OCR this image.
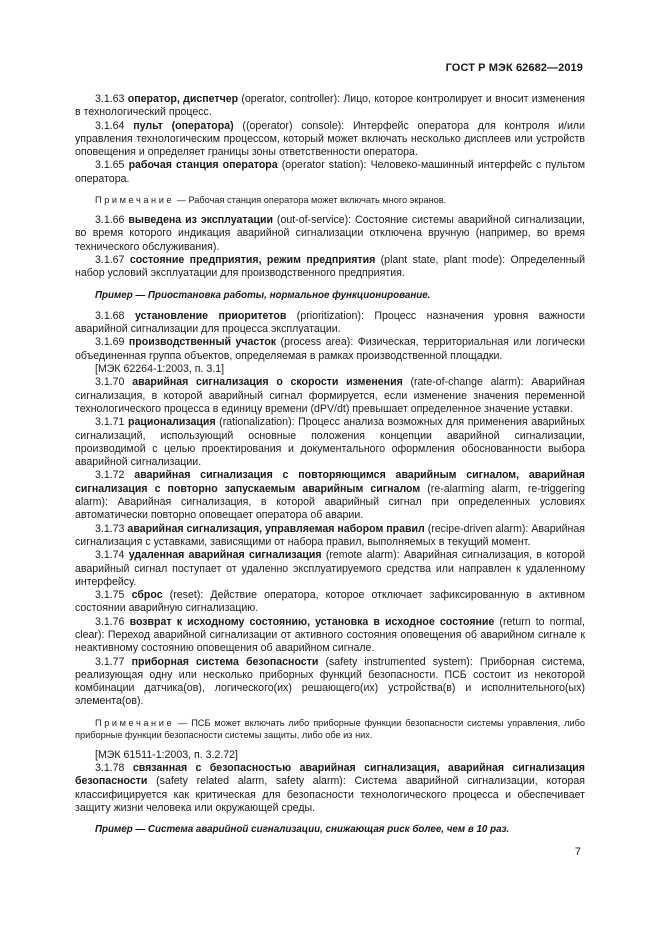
ГОСТ Р МЭК 62682—2019

3.1.63 оператор, диспетчер (operator, controller): Лицо, которое контролирует и вносит изменения в технологический процесс.

3.1.64 пульт (оператора) ((operator) console): Интерфейс оператора для контроля и/или управления технологическим процессом, который может включать несколько дисплеев или устройств оповещения и определяет границы зоны ответственности оператора.

3.1.65 рабочая станция оператора (operator station): Человеко-машинный интерфейс с пультом оператора.

Примечание — Рабочая станция оператора может включать много экранов.

3.1.66 выведена из эксплуатации (out-of-service): Состояние системы аварийной сигнализации, во время которого индикация аварийной сигнализации отключена вручную (например, во время технического обслуживания).

3.1.67 состояние предприятия, режим предприятия (plant state, plant mode): Определенный набор условий эксплуатации для производственного предприятия.

Пример — Приостановка работы, нормальное функционирование.

3.1.68 установление приоритетов (prioritization): Процесс назначения уровня важности аварийной сигнализации для процесса эксплуатации.

3.1.69 производственный участок (process area): Физическая, территориальная или логически объединенная группа объектов, определяемая в рамках производственной площадки.

[МЭК 62264-1:2003, п. 3.1]

3.1.70 аварийная сигнализация о скорости изменения (rate-of-change alarm): Аварийная сигнализация, в которой аварийный сигнал формируется, если изменение значения переменной технологического процесса в единицу времени (dPV/dt) превышает определенное значение уставки.

3.1.71 рационализация (rationalization): Процесс анализа возможных для применения аварийных сигнализаций, использующий основные положения концепции аварийной сигнализации, производимой с целью проектирования и документального оформления обоснованности выбора аварийной сигнализации.

3.1.72 аварийная сигнализация с повторяющимся аварийным сигналом, аварийная сигнализация с повторно запускаемым аварийным сигналом (re-alarming alarm, re-triggering alarm): Аварийная сигнализация, в которой аварийный сигнал при определенных условиях автоматически повторно оповещает оператора об аварии.

3.1.73 аварийная сигнализация, управляемая набором правил (recipe-driven alarm): Аварийная сигнализация с уставками, зависящими от набора правил, выполняемых в текущий момент.

3.1.74 удаленная аварийная сигнализация (remote alarm): Аварийная сигнализация, в которой аварийный сигнал поступает от удаленно эксплуатируемого средства или направлен к удаленному интерфейсу.

3.1.75 сброс (reset): Действие оператора, которое отключает зафиксированную в активном состоянии аварийную сигнализацию.

3.1.76 возврат к исходному состоянию, установка в исходное состояние (return to normal, clear): Переход аварийной сигнализации от активного состояния оповещения об аварийном сигнале к неактивному состоянию оповещения об аварийном сигнале.

3.1.77 приборная система безопасности (safety instrumented system): Приборная система, реализующая одну или несколько приборных функций безопасности. ПСБ состоит из некоторой комбинации датчика(ов), логического(их) решающего(их) устройства(в) и исполнительного(ых) элемента(ов).

Примечание — ПСБ может включать либо приборные функции безопасности системы управления, либо приборные функции безопасности системы защиты, либо обе из них.

[МЭК 61511-1:2003, п. 3.2.72]

3.1.78 связанная с безопасностью аварийная сигнализация, аварийная сигнализация безопасности (safety related alarm, safety alarm): Система аварийной сигнализации, которая классифицируется как критическая для безопасности технологического процесса и обеспечивает защиту жизни человека или окружающей среды.

Пример — Система аварийной сигнализации, снижающая риск более, чем в 10 раз.

7
